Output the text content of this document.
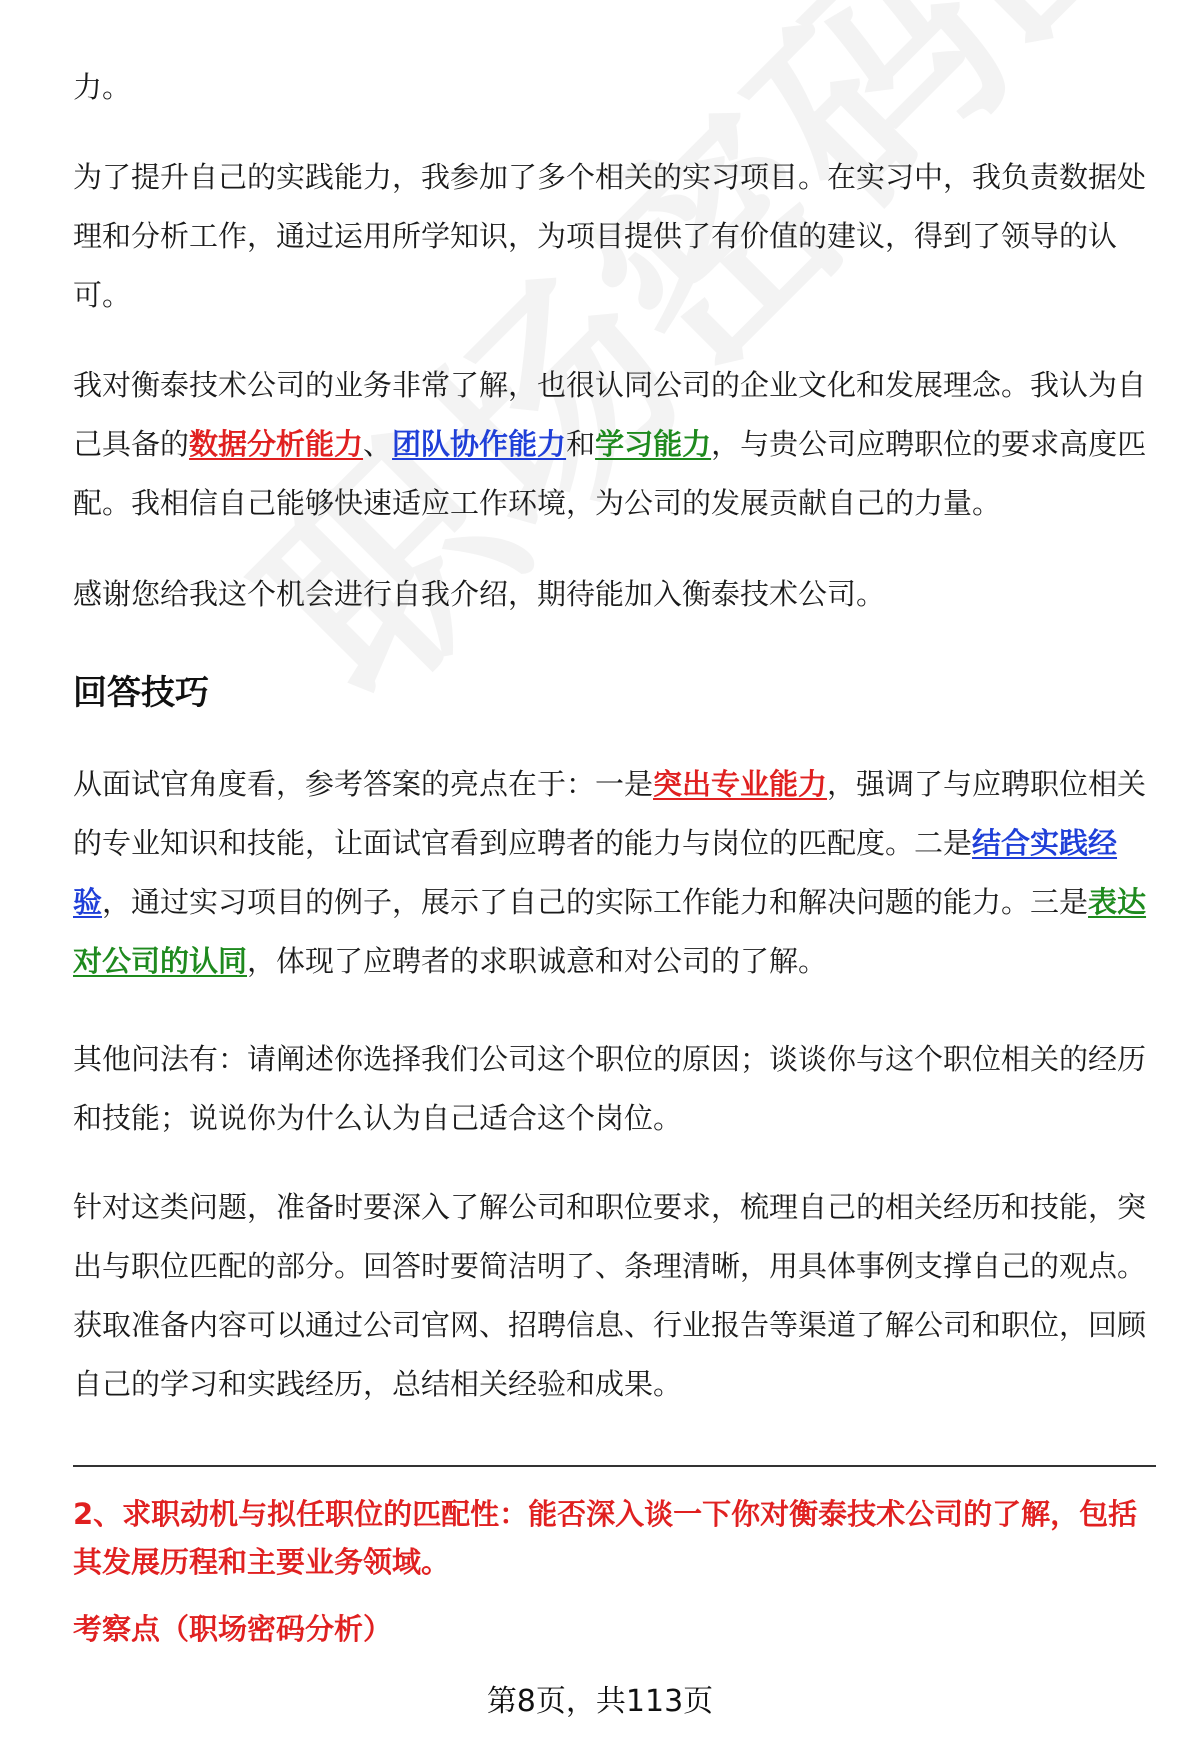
力。

为了提升自己的实践能力，我参加了多个相关的实习项目。在实习中，我负责数据处理和分析工作，通过运用所学知识，为项目提供了有价值的建议，得到了领导的认可。

我对衡泰技术公司的业务非常了解，也很认同公司的企业文化和发展理念。我认为自己具备的数据分析能力、团队协作能力和学习能力，与贵公司应聘职位的要求高度匹配。我相信自己能够快速适应工作环境，为公司的发展贡献自己的力量。

感谢您给我这个机会进行自我介绍，期待能加入衡泰技术公司。

回答技巧

从面试官角度看，参考答案的亮点在于：一是突出专业能力，强调了与应聘职位相关的专业知识和技能，让面试官看到应聘者的能力与岗位的匹配度。二是结合实践经验，通过实习项目的例子，展示了自己的实际工作能力和解决问题的能力。三是表达对公司的认同，体现了应聘者的求职诚意和对公司的了解。

其他问法有：请阐述你选择我们公司这个职位的原因；谈谈你与这个职位相关的经历和技能；说说你为什么认为自己适合这个岗位。

针对这类问题，准备时要深入了解公司和职位要求，梳理自己的相关经历和技能，突出与职位匹配的部分。回答时要简洁明了、条理清晰，用具体事例支撑自己的观点。获取准备内容可以通过公司官网、招聘信息、行业报告等渠道了解公司和职位，回顾自己的学习和实践经历，总结相关经验和成果。

2、求职动机与拟任职位的匹配性：能否深入谈一下你对衡泰技术公司的了解，包括其发展历程和主要业务领域。

考察点（职场密码分析）

第8页，共113页
